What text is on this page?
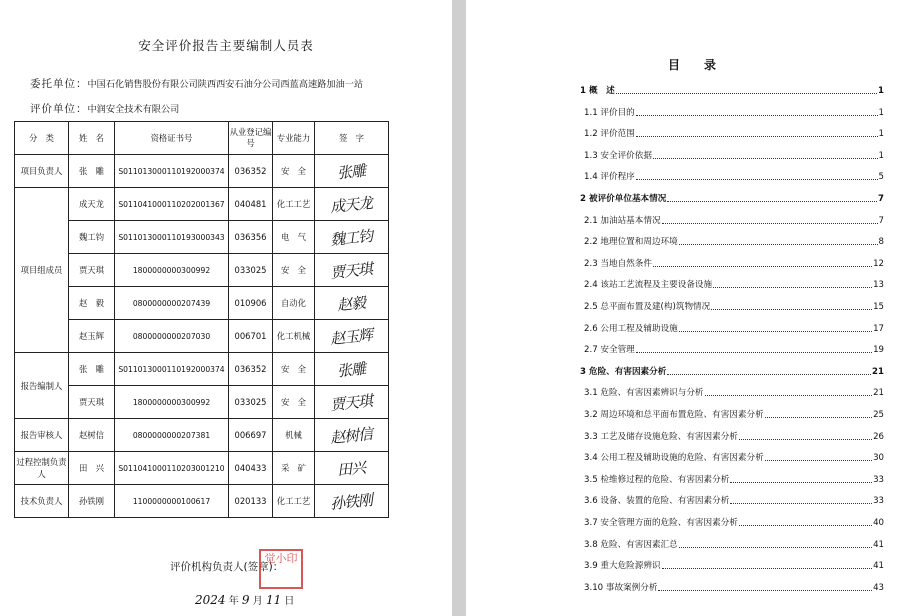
安全评价报告主要编制人员表
委托单位：中国石化销售股份有限公司陕西西安石油分公司西蓝高速路加油一站
评价单位：中润安全技术有限公司
分　类	姓　名	资格证书号	从业登记编号	专业能力	签　字
项目负责人	张　雕	S011013000110192000374	036352	安　全	张雕
项目组成员	成天龙	S011041000110202001367	040481	化工工艺	成天龙
	魏工钧	S011013000110193000343	036356	电　气	魏工钧
	贾天琪	1800000000300992	033025	安　全	贾天琪
	赵　毅	0800000000207439	010906	自动化	赵毅
	赵玉辉	0800000000207030	006701	化工机械	赵玉辉
报告编制人	张　雕	S011013000110192000374	036352	安　全	张雕
	贾天琪	1800000000300992	033025	安　全	贾天琪
报告审核人	赵树信	0800000000207381	006697	机械	赵树信
过程控制负责人	田　兴	S011041000110203001210	040433	采　矿	田兴
技术负责人	孙铁刚	1100000000100617	020133	化工工艺	孙铁刚
评价机构负责人(签章)：
觉小印
2024 年 9 月 11 日
目　录
1 概　述	1
1.1 评价目的	1
1.2 评价范围	1
1.3 安全评价依据	1
1.4 评价程序	5
2 被评价单位基本情况	7
2.1 加油站基本情况	7
2.2 地理位置和周边环境	8
2.3 当地自然条件	12
2.4 该站工艺流程及主要设备设施	13
2.5 总平面布置及建(构)筑物情况	15
2.6 公用工程及辅助设施	17
2.7 安全管理	19
3 危险、有害因素分析	21
3.1 危险、有害因素辨识与分析	21
3.2 周边环境和总平面布置危险、有害因素分析	25
3.3 工艺及储存设施危险、有害因素分析	26
3.4 公用工程及辅助设施的危险、有害因素分析	30
3.5 检维修过程的危险、有害因素分析	33
3.6 设备、装置的危险、有害因素分析	33
3.7 安全管理方面的危险、有害因素分析	40
3.8 危险、有害因素汇总	41
3.9 重大危险源辨识	41
3.10 事故案例分析	43
